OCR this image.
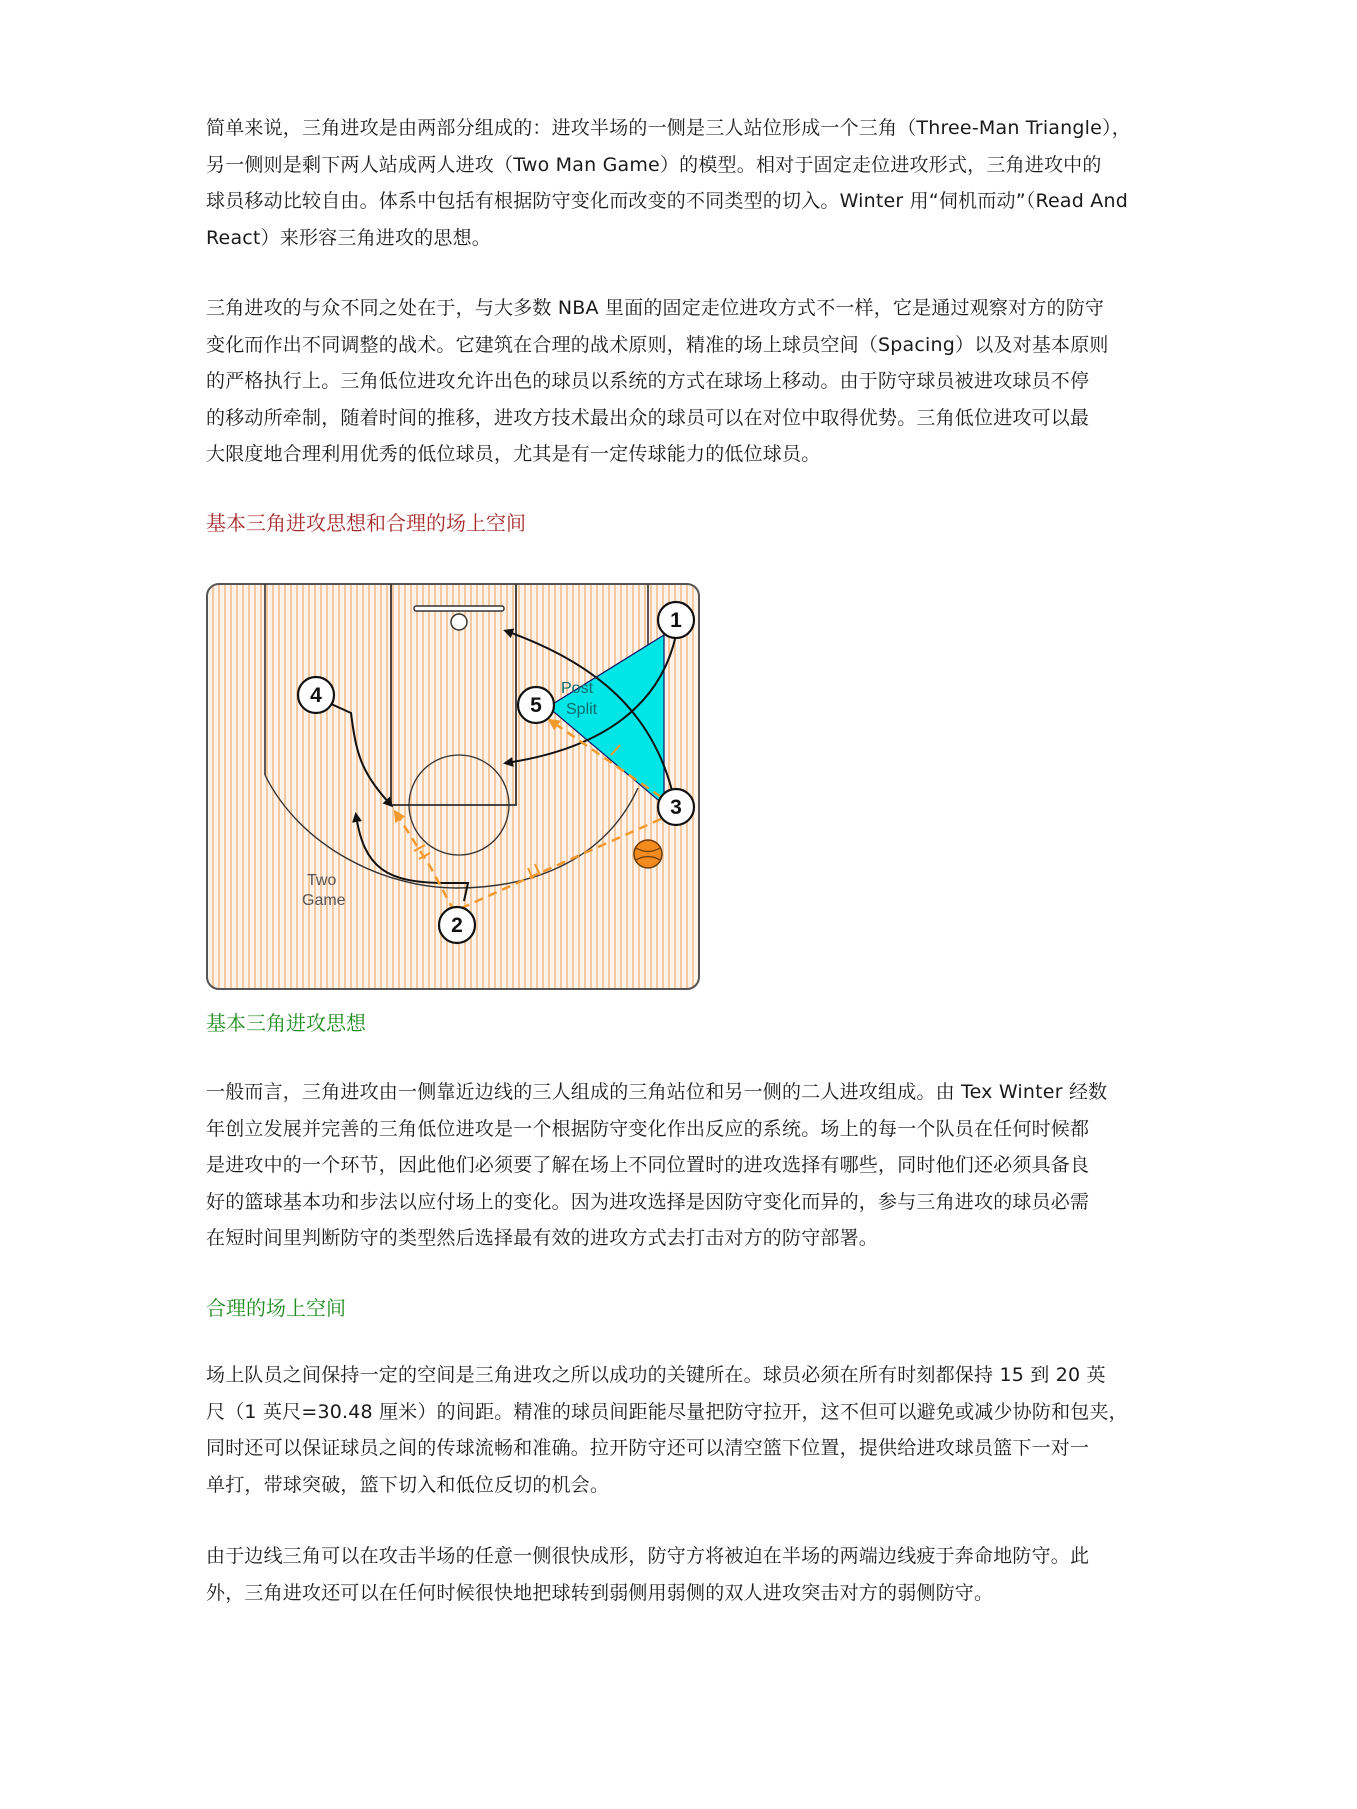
简单来说，三角进攻是由两部分组成的：进攻半场的一侧是三人站位形成一个三角（Three-Man Triangle），
另一侧则是剩下两人站成两人进攻（Two Man Game）的模型。相对于固定走位进攻形式，三角进攻中的
球员移动比较自由。体系中包括有根据防守变化而改变的不同类型的切入。Winter 用“伺机而动”（Read And
React）来形容三角进攻的思想。

三角进攻的与众不同之处在于，与大多数 NBA 里面的固定走位进攻方式不一样，它是通过观察对方的防守
变化而作出不同调整的战术。它建筑在合理的战术原则，精准的场上球员空间（Spacing）以及对基本原则
的严格执行上。三角低位进攻允许出色的球员以系统的方式在球场上移动。由于防守球员被进攻球员不停
的移动所牵制，随着时间的推移，进攻方技术最出众的球员可以在对位中取得优势。三角低位进攻可以最
大限度地合理利用优秀的低位球员，尤其是有一定传球能力的低位球员。

基本三角进攻思想和合理的场上空间
Post
Split
Two
Game
1
2
3
4	5
基本三角进攻思想

一般而言，三角进攻由一侧靠近边线的三人组成的三角站位和另一侧的二人进攻组成。由 Tex Winter 经数
年创立发展并完善的三角低位进攻是一个根据防守变化作出反应的系统。场上的每一个队员在任何时候都
是进攻中的一个环节，因此他们必须要了解在场上不同位置时的进攻选择有哪些，同时他们还必须具备良
好的篮球基本功和步法以应付场上的变化。因为进攻选择是因防守变化而异的，参与三角进攻的球员必需
在短时间里判断防守的类型然后选择最有效的进攻方式去打击对方的防守部署。

合理的场上空间

场上队员之间保持一定的空间是三角进攻之所以成功的关键所在。球员必须在所有时刻都保持 15 到 20 英
尺（1 英尺=30.48 厘米）的间距。精准的球员间距能尽量把防守拉开，这不但可以避免或减少协防和包夹，
同时还可以保证球员之间的传球流畅和准确。拉开防守还可以清空篮下位置，提供给进攻球员篮下一对一
单打，带球突破，篮下切入和低位反切的机会。

由于边线三角可以在攻击半场的任意一侧很快成形，防守方将被迫在半场的两端边线疲于奔命地防守。此
外，三角进攻还可以在任何时候很快地把球转到弱侧用弱侧的双人进攻突击对方的弱侧防守。
